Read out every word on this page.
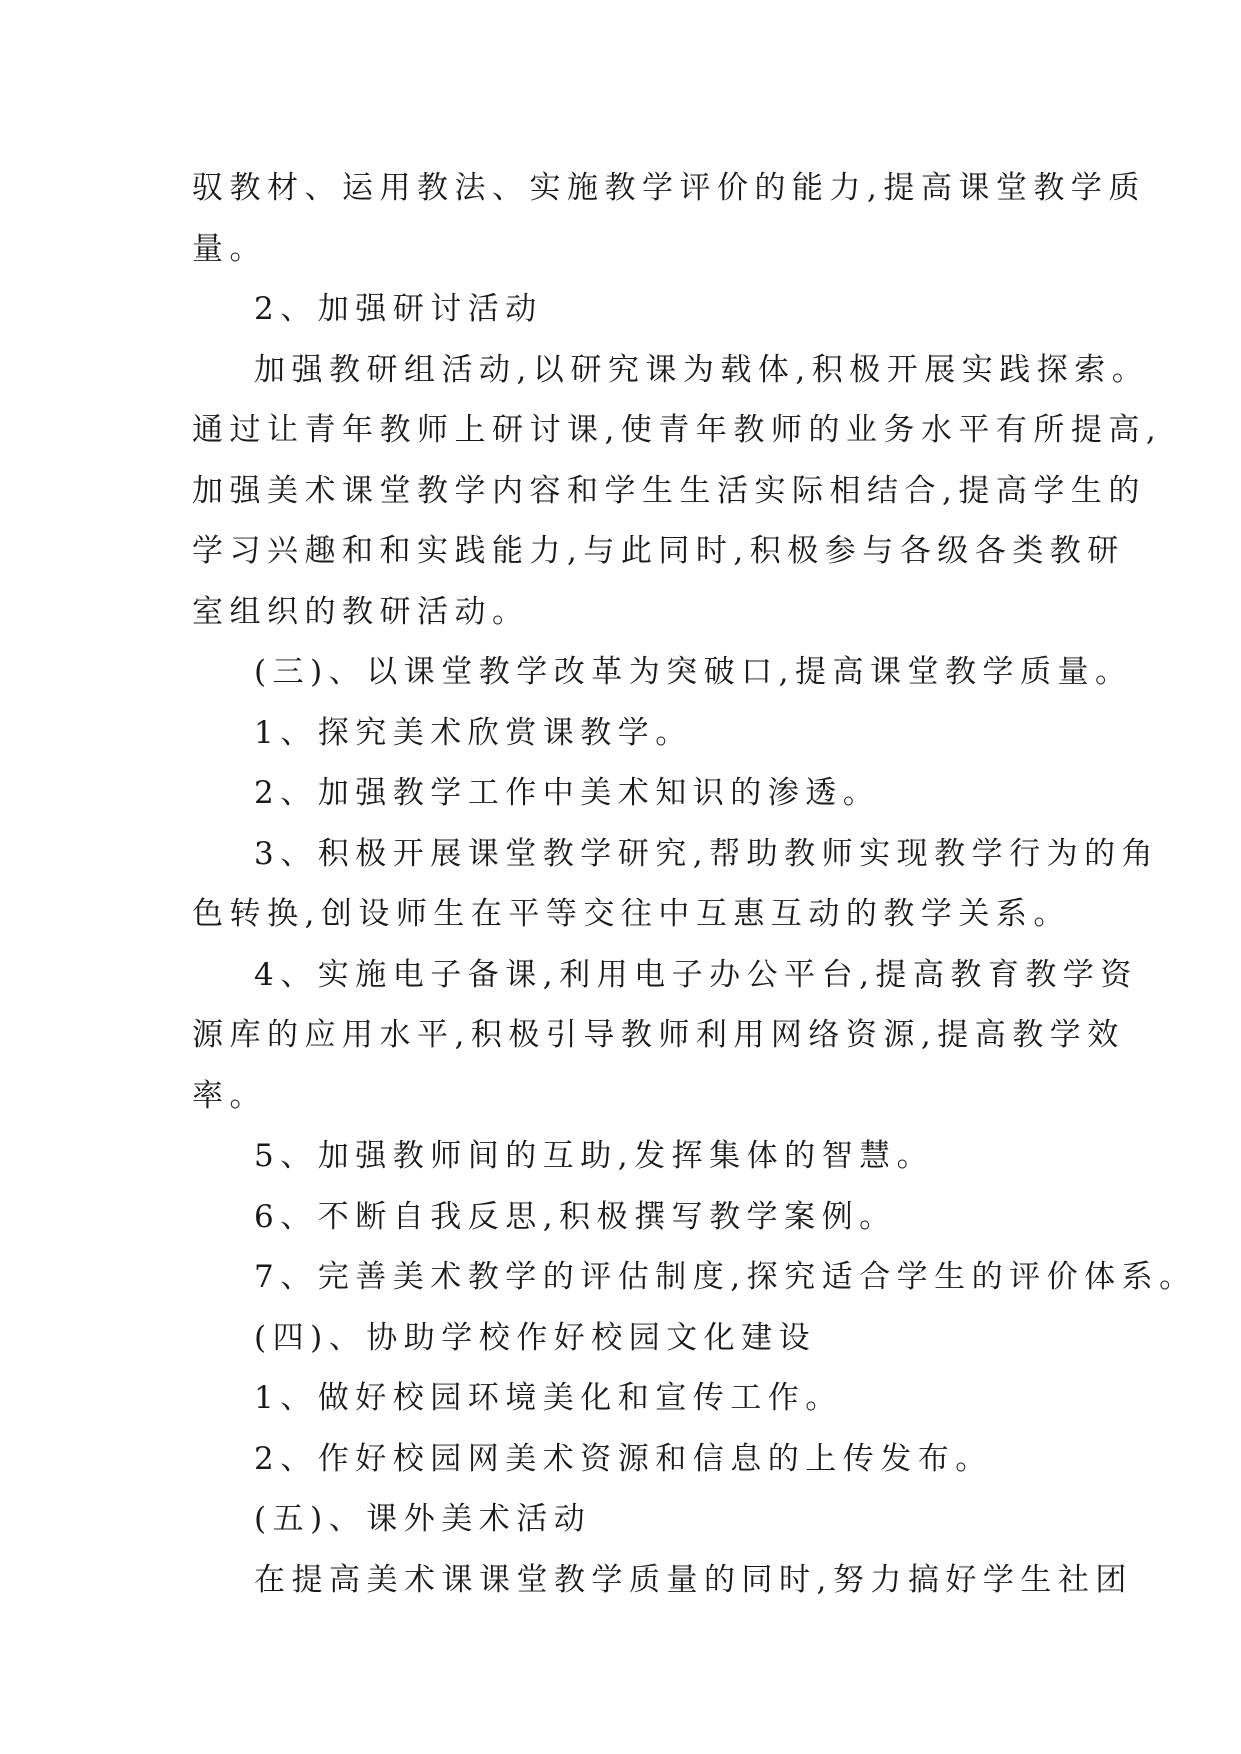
驭教材、运用教法、实施教学评价的能力,提高课堂教学质
量。
2、加强研讨活动
加强教研组活动,以研究课为载体,积极开展实践探索。
通过让青年教师上研讨课,使青年教师的业务水平有所提高,
加强美术课堂教学内容和学生生活实际相结合,提高学生的
学习兴趣和和实践能力,与此同时,积极参与各级各类教研
室组织的教研活动。
(三)、以课堂教学改革为突破口,提高课堂教学质量。
1、探究美术欣赏课教学。
2、加强教学工作中美术知识的渗透。
3、积极开展课堂教学研究,帮助教师实现教学行为的角
色转换,创设师生在平等交往中互惠互动的教学关系。
4、实施电子备课,利用电子办公平台,提高教育教学资
源库的应用水平,积极引导教师利用网络资源,提高教学效
率。
5、加强教师间的互助,发挥集体的智慧。
6、不断自我反思,积极撰写教学案例。
7、完善美术教学的评估制度,探究适合学生的评价体系。
(四)、协助学校作好校园文化建设
1、做好校园环境美化和宣传工作。
2、作好校园网美术资源和信息的上传发布。
(五)、课外美术活动
在提高美术课课堂教学质量的同时,努力搞好学生社团
